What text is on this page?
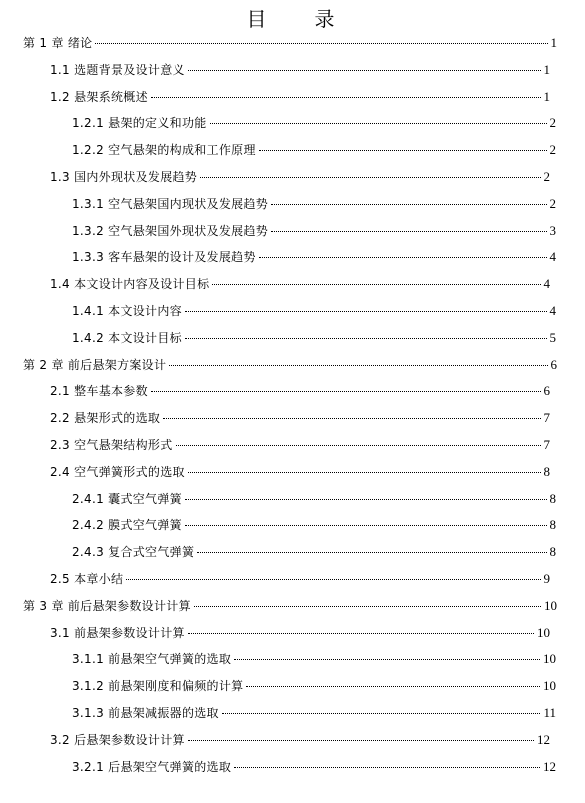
目　录
第 1 章 绪论	1
1.1 选题背景及设计意义	1
1.2 悬架系统概述	1
1.2.1 悬架的定义和功能	2
1.2.2 空气悬架的构成和工作原理	2
1.3 国内外现状及发展趋势	2
1.3.1 空气悬架国内现状及发展趋势	2
1.3.2 空气悬架国外现状及发展趋势	3
1.3.3 客车悬架的设计及发展趋势	4
1.4 本文设计内容及设计目标	4
1.4.1 本文设计内容	4
1.4.2 本文设计目标	5
第 2 章 前后悬架方案设计	6
2.1 整车基本参数	6
2.2 悬架形式的选取	7
2.3 空气悬架结构形式	7
2.4 空气弹簧形式的选取	8
2.4.1 囊式空气弹簧	8
2.4.2 膜式空气弹簧	8
2.4.3 复合式空气弹簧	8
2.5 本章小结	9
第 3 章 前后悬架参数设计计算	10
3.1 前悬架参数设计计算	10
3.1.1 前悬架空气弹簧的选取	10
3.1.2 前悬架刚度和偏频的计算	10
3.1.3 前悬架减振器的选取	11
3.2 后悬架参数设计计算	12
3.2.1 后悬架空气弹簧的选取	12
